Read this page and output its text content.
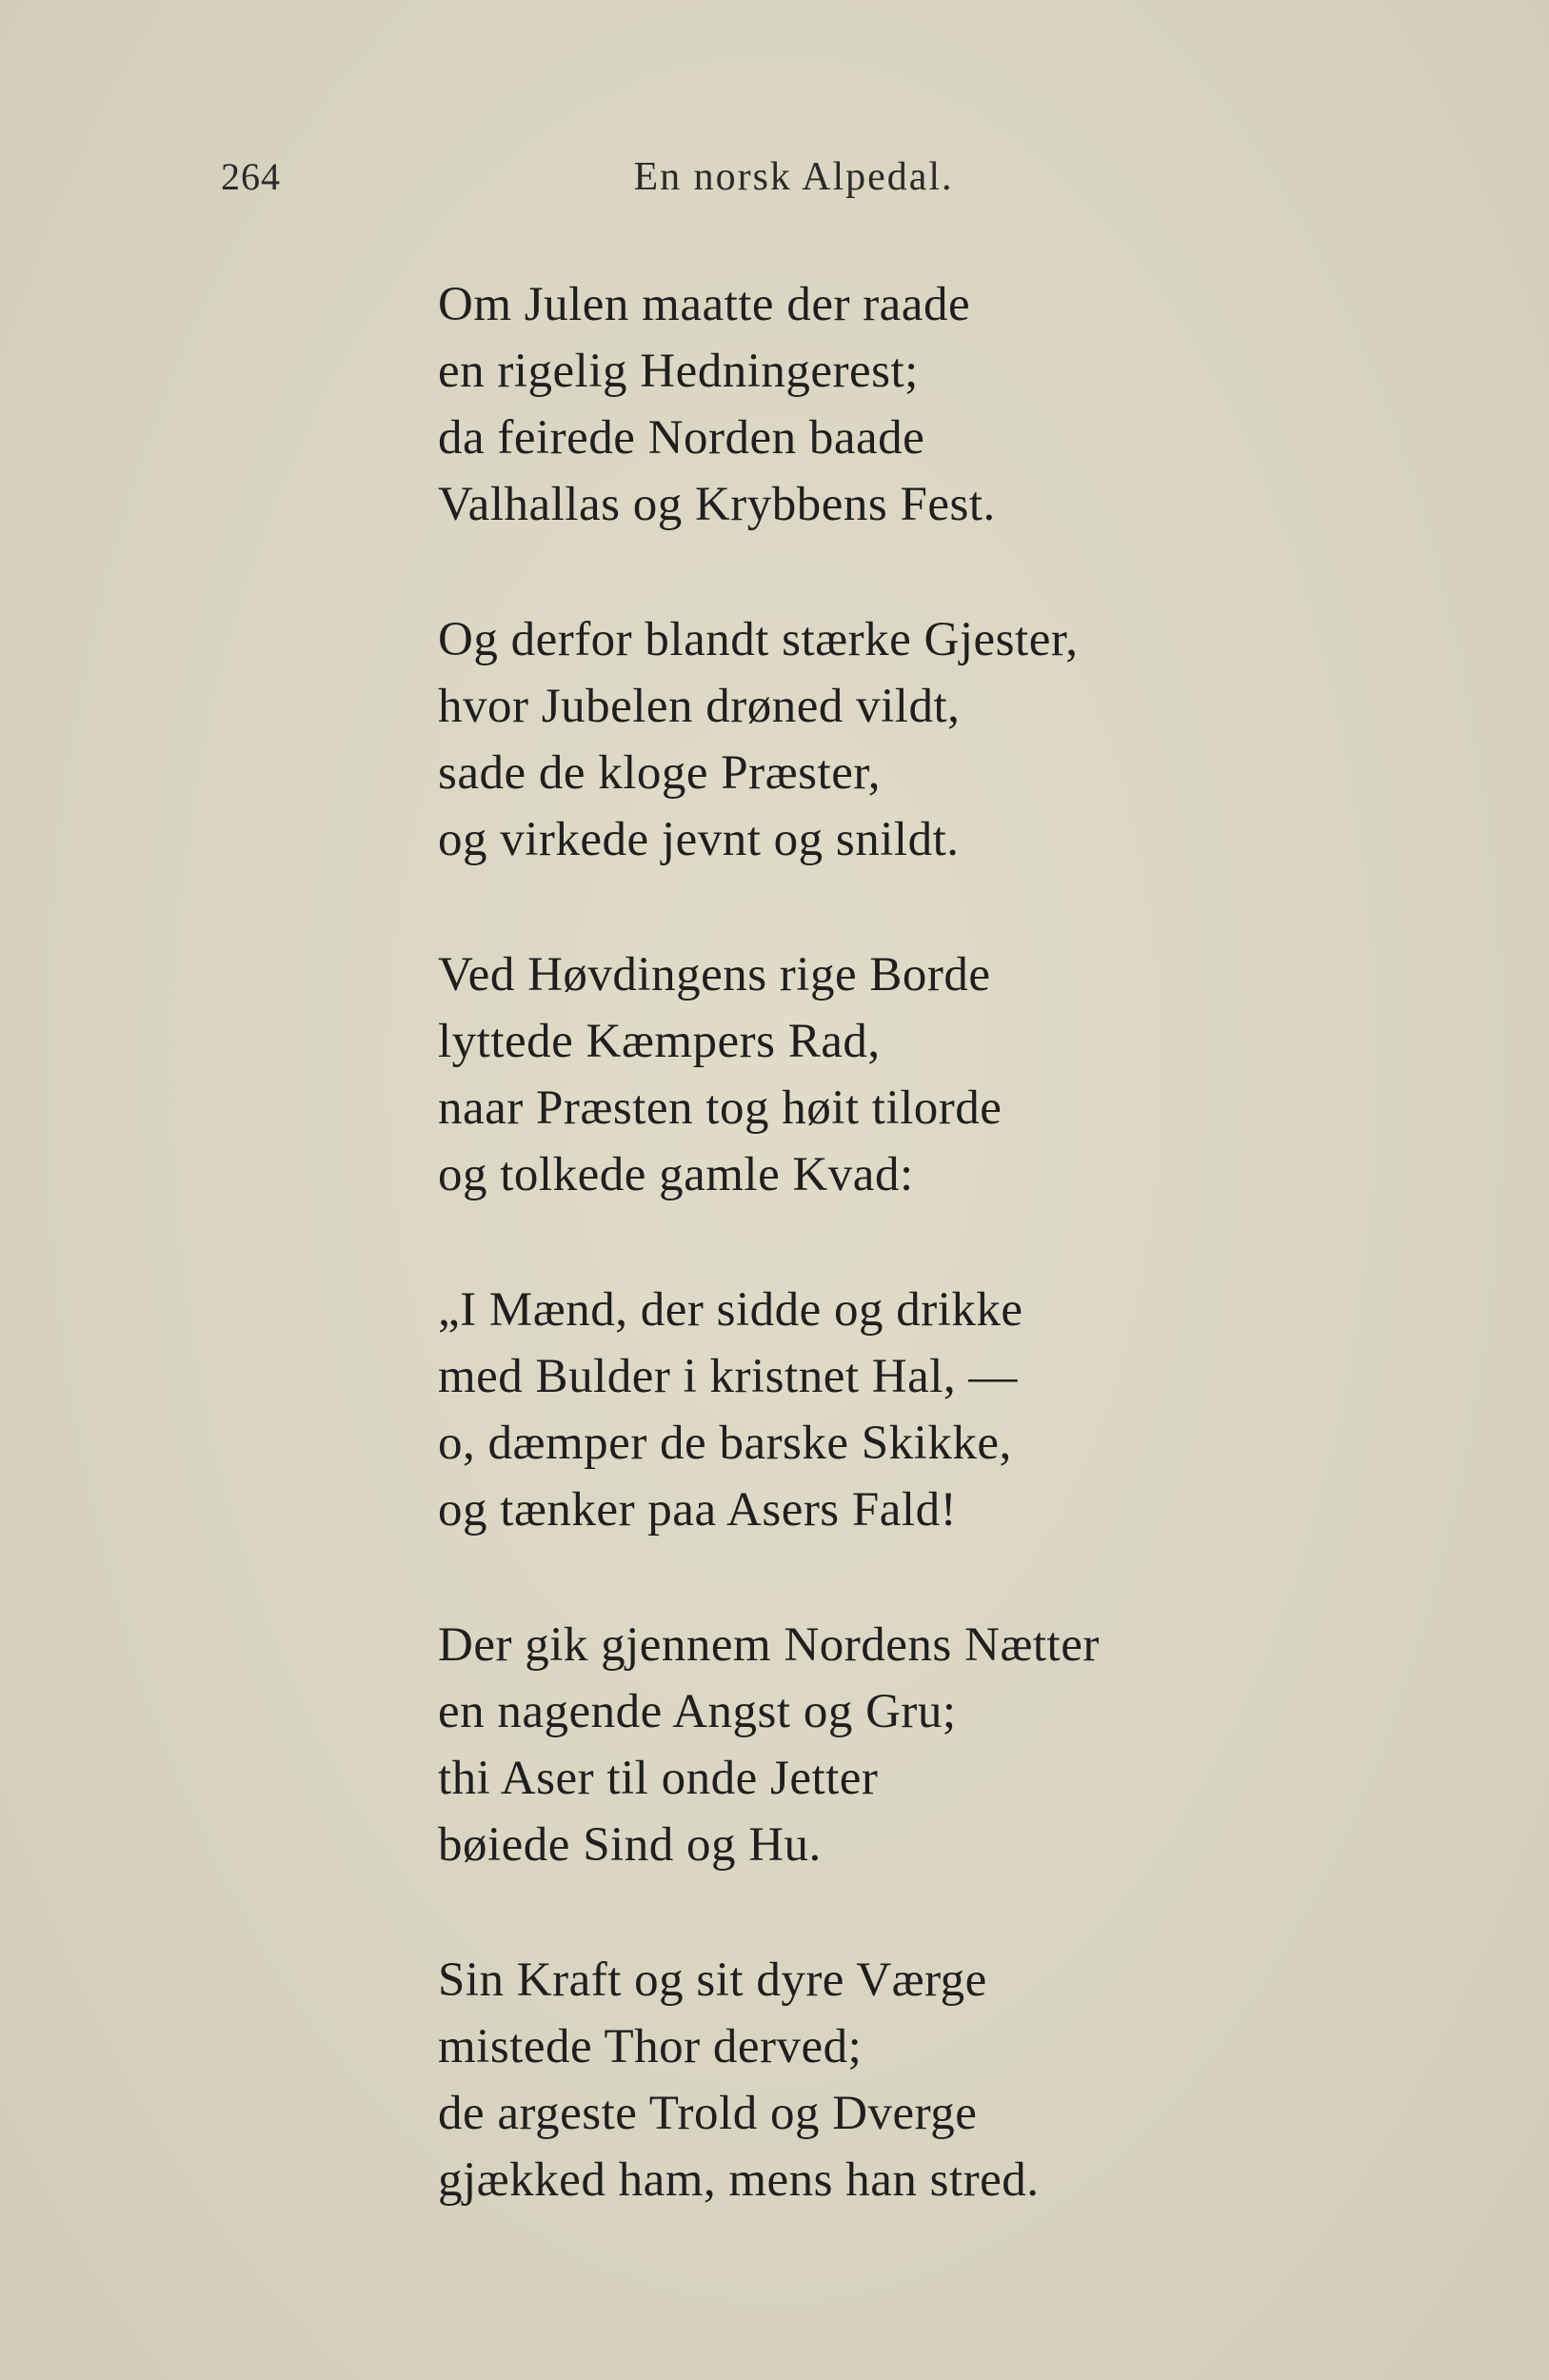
264	En norsk Alpedal.
Om Julen maatte der raade
en rigelig Hedningerest;
da feirede Norden baade
Valhallas og Krybbens Fest.
Og derfor blandt stærke Gjester,
hvor Jubelen drøned vildt,
sade de kloge Præster,
og virkede jevnt og snildt.
Ved Høvdingens rige Borde
lyttede Kæmpers Rad,
naar Præsten tog høit tilorde
og tolkede gamle Kvad:
„I Mænd, der sidde og drikke
med Bulder i kristnet Hal, —
o, dæmper de barske Skikke,
og tænker paa Asers Fald!
Der gik gjennem Nordens Nætter
en nagende Angst og Gru;
thi Aser til onde Jetter
bøiede Sind og Hu.
Sin Kraft og sit dyre Værge
mistede Thor derved;
de argeste Trold og Dverge
gjækked ham, mens han stred.
